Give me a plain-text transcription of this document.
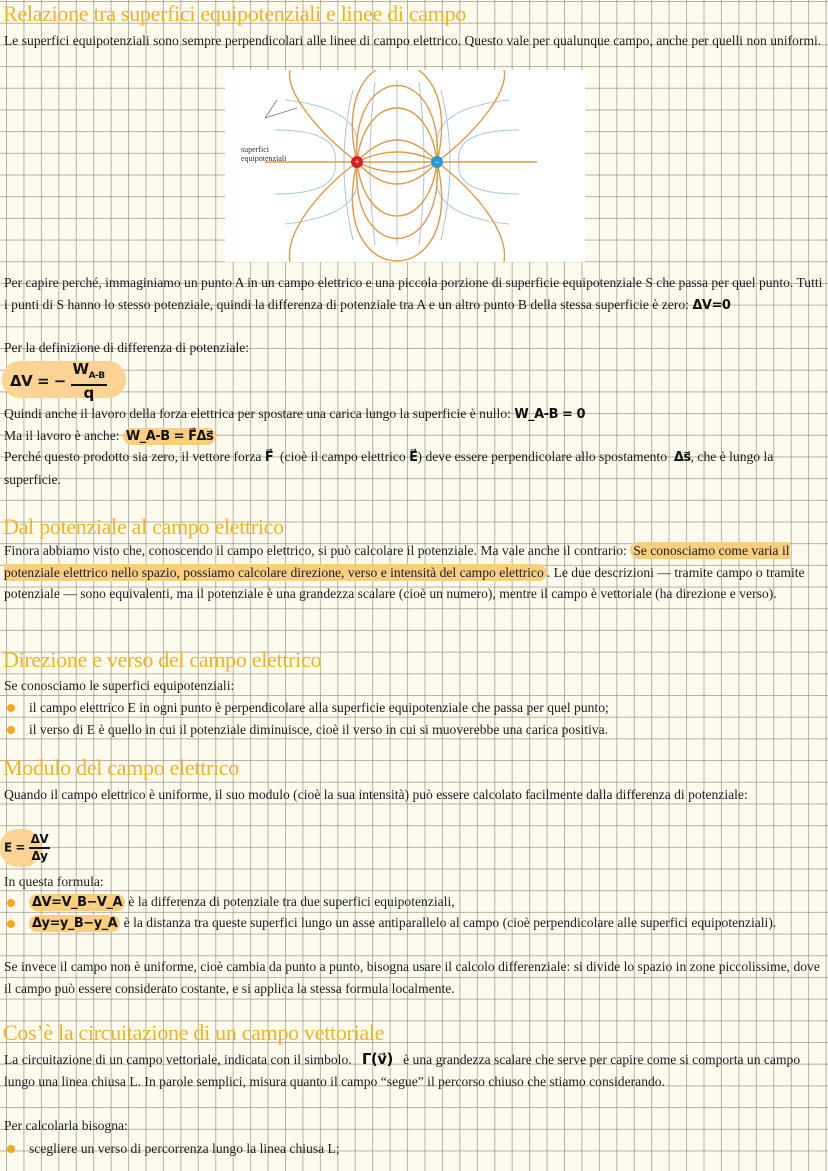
Relazione tra superfici equipotenziali e linee di campo
Le superfici equipotenziali sono sempre perpendicolari alle linee di campo elettrico. Questo vale per qualunque campo, anche per quelli non uniformi.
superfici
equipotenziali	+	−
Per capire perché, immaginiamo un punto A in un campo elettrico e una piccola porzione di superficie equipotenziale S che passa per quel punto. Tutti i punti di S hanno lo stesso potenziale, quindi la differenza di potenziale tra A e un altro punto B della stessa superficie è zero: ΔV=0
Per la definizione di differenza di potenziale:
ΔV = − $\frac{W_{A-B}}{q}$
Quindi anche il lavoro della forza elettrica per spostare una carica lungo la superficie è nullo: W_A-B = 0
Ma il lavoro è anche: W_A-B = F⃗Δs⃗
Perché questo prodotto sia zero, il vettore forza F⃗ (cioè il campo elettrico E⃗) deve essere perpendicolare allo spostamento Δs⃗, che è lungo la superficie.
Dal potenziale al campo elettrico
Finora abbiamo visto che, conoscendo il campo elettrico, si può calcolare il potenziale. Ma vale anche il contrario: Se conosciamo come varia il potenziale elettrico nello spazio, possiamo calcolare direzione, verso e intensità del campo elettrico . Le due descrizioni — tramite campo o tramite potenziale — sono equivalenti, ma il potenziale è una grandezza scalare (cioè un numero), mentre il campo è vettoriale (ha direzione e verso).
Direzione e verso del campo elettrico
Se conosciamo le superfici equipotenziali:
il campo elettrico E in ogni punto è perpendicolare alla superficie equipotenziale che passa per quel punto;
il verso di E è quello in cui il potenziale diminuisce, cioè il verso in cui si muoverebbe una carica positiva.
Modulo del campo elettrico
Quando il campo elettrico è uniforme, il suo modulo (cioè la sua intensità) può essere calcolato facilmente dalla differenza di potenziale:
$E = \frac{\Delta V}{\Delta y}$
In questa formula:
ΔV=V_B−V_A è la differenza di potenziale tra due superfici equipotenziali,
Δy=y_B−y_A è la distanza tra queste superfici lungo un asse antiparallelo al campo (cioè perpendicolare alle superfici equipotenziali).
Se invece il campo non è uniforme, cioè cambia da punto a punto, bisogna usare il calcolo differenziale: si divide lo spazio in zone piccolissime, dove il campo può essere considerato costante, e si applica la stessa formula localmente.
Cos’è la circuitazione di un campo vettoriale
La circuitazione di un campo vettoriale, indicata con il simbolo. Γ(v⃗) è una grandezza scalare che serve per capire come si comporta un campo lungo una linea chiusa L. In parole semplici, misura quanto il campo “segue” il percorso chiuso che stiamo considerando.
Per calcolarla bisogna:
scegliere un verso di percorrenza lungo la linea chiusa L;
